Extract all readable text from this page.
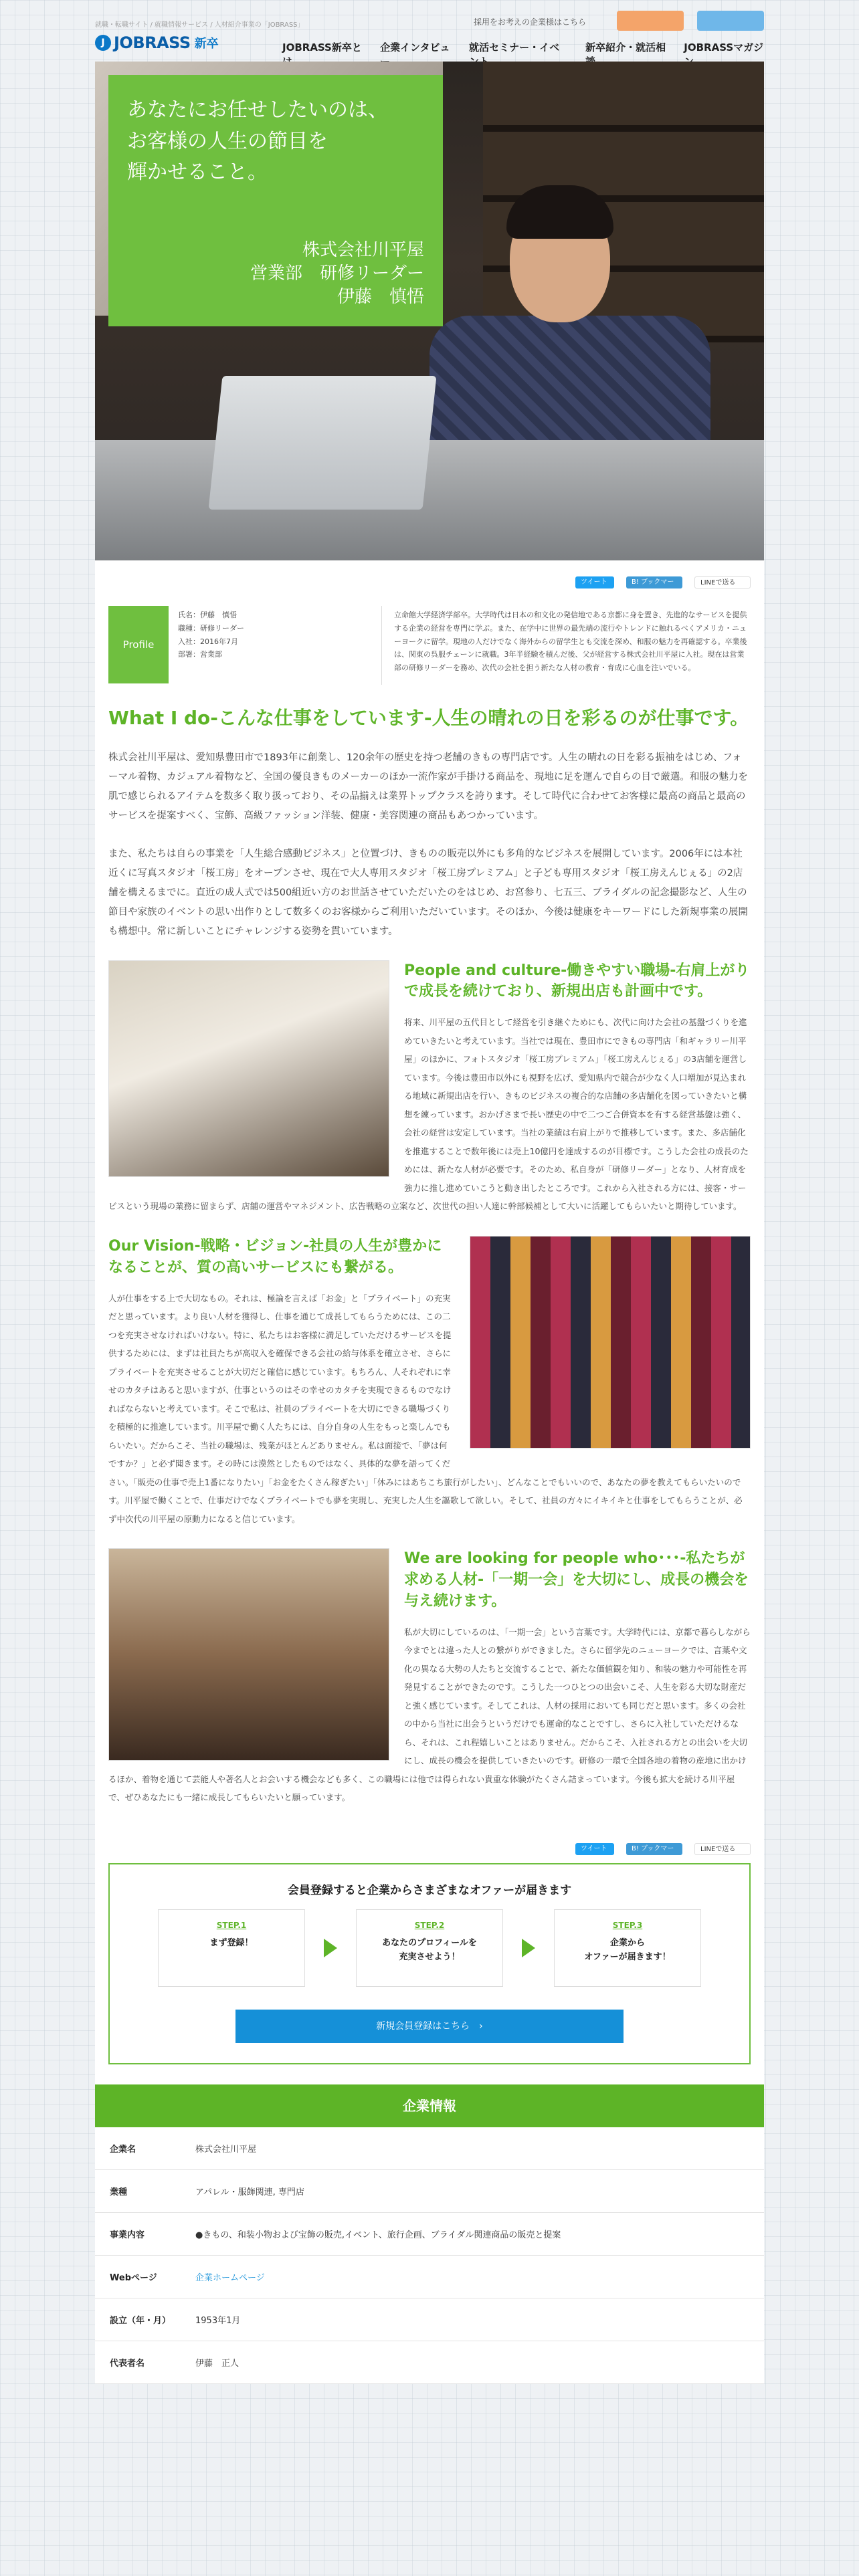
就職・転職サイト / 就職情報サービス / 人材紹介事業の「JOBRASS」
J JOBRASS 新卒
採用をお考えの企業様はこちら
JOBRASS新卒と 企業インタビュ 就活セミナー・イベ	新卒紹介・就活相 JOBRASSマガジ
あなたにお任せしたいのは、
お客様の人生の節目を
輝かせること。
株式会社川平屋
営業部　研修リーダー
伊藤　慎悟
ツイート	B! ブックマーク
LINEで送る
Profile
氏名：伊藤　慎悟
職種：研修リーダー
入社：2016年7月
部署：営業部
立命館大学経済学部卒。大学時代は日本の和文化の発信地である京都に身を置き、先進的なサービスを提供する企業の経営を専門に学ぶ。また、在学中に世界の最先端の流行やトレンドに触れるべくアメリカ・ニューヨークに留学。現地の人だけでなく海外からの留学生とも交流を深め、和服の魅力を再確認する。卒業後は、関東の呉服チェーンに就職。3年半経験を積んだ後、父が経営する株式会社川平屋に入社。現在は営業部の研修リーダーを務め、次代の会社を担う新たな人材の教育・育成に心血を注いでいる。
What I do-こんな仕事をしています-人生の晴れの日を彩るのが仕事です。

株式会社川平屋は、愛知県豊田市で1893年に創業し、120余年の歴史を持つ老舗のきもの専門店です。人生の晴れの日を彩る振袖をはじめ、フォーマル着物、カジュアル着物など、全国の優良きものメーカーのほか一流作家が手掛ける商品を、現地に足を運んで自らの目で厳選。和服の魅力を肌で感じられるアイテムを数多く取り扱っており、その品揃えは業界トップクラスを誇ります。そして時代に合わせてお客様に最高の商品と最高のサービスを提案すべく、宝飾、高級ファッション洋装、健康・美容関連の商品もあつかっています。

また、私たちは自らの事業を「人生総合感動ビジネス」と位置づけ、きものの販売以外にも多角的なビジネスを展開しています。2006年には本社近くに写真スタジオ「桜工房」をオープンさせ、現在で大人専用スタジオ「桜工房プレミアム」と子ども専用スタジオ「桜工房えんじぇる」の2店舗を構えるまでに。直近の成人式では500組近い方のお世話させていただいたのをはじめ、お宮参り、七五三、ブライダルの記念撮影など、人生の節目や家族のイベントの思い出作りとして数多くのお客様からご利用いただいています。そのほか、今後は健康をキーワードにした新規事業の展開も構想中。常に新しいことにチャレンジする姿勢を貫いています。

People and culture-働きやすい職場-右肩上がりで成長を続けており、新規出店も計画中です。

将来、川平屋の五代目として経営を引き継ぐためにも、次代に向けた会社の基盤づくりを進めていきたいと考えています。当社では現在、豊田市にできもの専門店「和ギャラリー川平屋」のほかに、フォトスタジオ「桜工房プレミアム」「桜工房えんじぇる」の3店舗を運営しています。今後は豊田市以外にも視野を広げ、愛知県内で競合が少なく人口増加が見込まれる地域に新規出店を行い、きものビジネスの複合的な店舗の多店舗化を図っていきたいと構想を練っています。おかげさまで長い歴史の中で二つご合併資本を有する経営基盤は強く、会社の経営は安定しています。当社の業績は右肩上がりで推移しています。また、多店舗化を推進することで数年後には売上10億円を達成するのが目標です。こうした会社の成長のためには、新たな人材が必要です。そのため、私自身が「研修リーダー」となり、人材育成を強力に推し進めていこうと動き出したところです。これから入社される方には、接客・サービスという現場の業務に留まらず、店舗の運営やマネジメント、広告戦略の立案など、次世代の担い人達に幹部候補として大いに活躍してもらいたいと期待しています。

Our Vision-戦略・ビジョン-社員の人生が豊かになることが、質の高いサービスにも繋がる。

人が仕事をする上で大切なもの。それは、極論を言えば「お金」と「プライベート」の充実だと思っています。より良い人材を獲得し、仕事を通じて成長してもらうためには、この二つを充実させなければいけない。特に、私たちはお客様に満足していただけるサービスを提供するためには、まずは社員たちが高収入を確保できる会社の給与体系を確立させ、さらにプライベートを充実させることが大切だと確信に感じています。もちろん、人それぞれに幸せのカタチはあると思いますが、仕事というのはその幸せのカタチを実現できるものでなければならないと考えています。そこで私は、社員のプライベートを大切にできる職場づくりを積極的に推進しています。川平屋で働く人たちには、自分自身の人生をもっと楽しんでもらいたい。だからこそ、当社の職場は、残業がほとんどありません。私は面接で、「夢は何ですか？」と必ず聞きます。その時には漠然としたものではなく、具体的な夢を語ってください。「販売の仕事で売上1番になりたい」「お金をたくさん稼ぎたい」「休みにはあちこち旅行がしたい」、どんなことでもいいので、あなたの夢を教えてもらいたいのです。川平屋で働くことで、仕事だけでなくプライベートでも夢を実現し、充実した人生を謳歌して欲しい。そして、社員の方々にイキイキと仕事をしてもらうことが、必ず中次代の川平屋の原動力になると信じています。

We are looking for people who･･･-私たちが求める人材-「一期一会」を大切にし、成長の機会を与え続けます。

私が大切にしているのは、「一期一会」という言葉です。大学時代には、京都で暮らしながら今までとは違った人との繋がりができました。さらに留学先のニューヨークでは、言葉や文化の異なる大勢の人たちと交流することで、新たな価値観を知り、和装の魅力や可能性を再発見することができたのです。こうした一つひとつの出会いこそ、人生を彩る大切な財産だと強く感じています。そしてこれは、人材の採用においても同じだと思います。多くの会社の中から当社に出会うというだけでも運命的なことですし、さらに入社していただけるなら、それは、これ程嬉しいことはありません。だからこそ、入社される方との出会いを大切にし、成長の機会を提供していきたいのです。研修の一環で全国各地の着物の産地に出かけるほか、着物を通じて芸能人や著名人とお会いする機会なども多く、この職場には他では得られない貴重な体験がたくさん詰まっています。今後も拡大を続ける川平屋で、ぜひあなたにも一緒に成長してもらいたいと願っています。

ツイート	B! ブックマーク
LINEで送る
会員登録すると企業からさまざまなオファーが届きます
STEP.1
まず登録！
STEP.2
あなたのプロフィールを
充実させよう！
STEP.3
企業から
オファーが届きます！
新規会員登録はこちら　›
企業情報
企業名	株式会社川平屋
業種	アパレル・服飾関連, 専門店
事業内容	●きもの、和装小物および宝飾の販売,イベント、旅行企画、ブライダル関連商品の販売と提案
Webページ	企業ホームページ
設立（年・月）	1953年1月
代表者名	伊藤　正人
